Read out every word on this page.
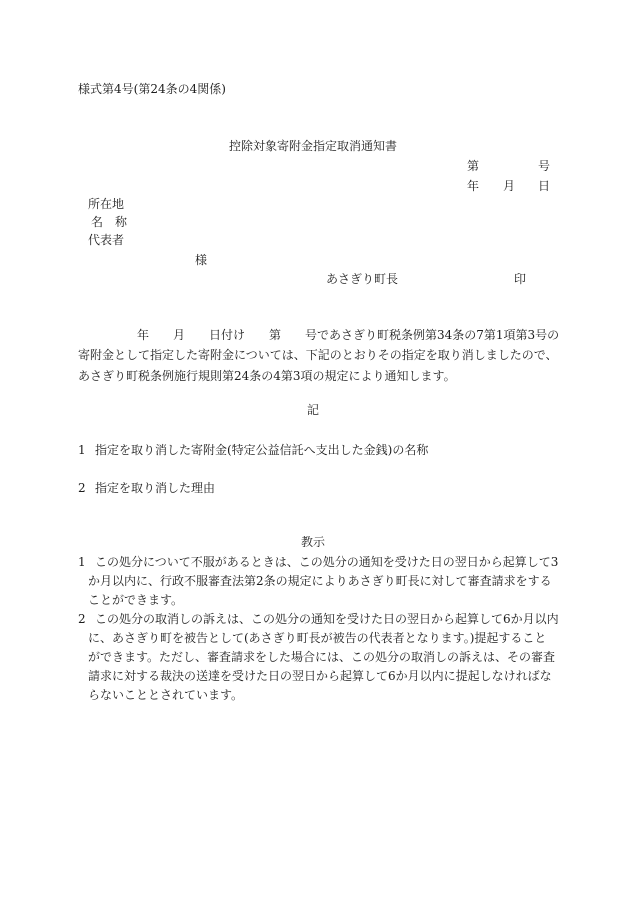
様式第4号(第24条の4関係)
控除対象寄附金指定取消通知書
第	号
年 月 日
所在地
名　称
代表者
様
あさぎり町長	印
年　　月　　日付け　　第　　号であさぎり町税条例第34条の7第1項第3号の
寄附金として指定した寄附金については、下記のとおりその指定を取り消しましたので、
あさぎり町税条例施行規則第24条の4第3項の規定により通知します。
記
1 指定を取り消した寄附金(特定公益信託へ支出した金銭)の名称
2 指定を取り消した理由
教示
1 この処分について不服があるときは、この処分の通知を受けた日の翌日から起算して3
か月以内に、行政不服審査法第2条の規定によりあさぎり町長に対して審査請求をする
ことができます。
2 この処分の取消しの訴えは、この処分の通知を受けた日の翌日から起算して6か月以内
に、あさぎり町を被告として(あさぎり町長が被告の代表者となります。)提起すること
ができます。ただし、審査請求をした場合には、この処分の取消しの訴えは、その審査
請求に対する裁決の送達を受けた日の翌日から起算して6か月以内に提起しなければな
らないこととされています。
